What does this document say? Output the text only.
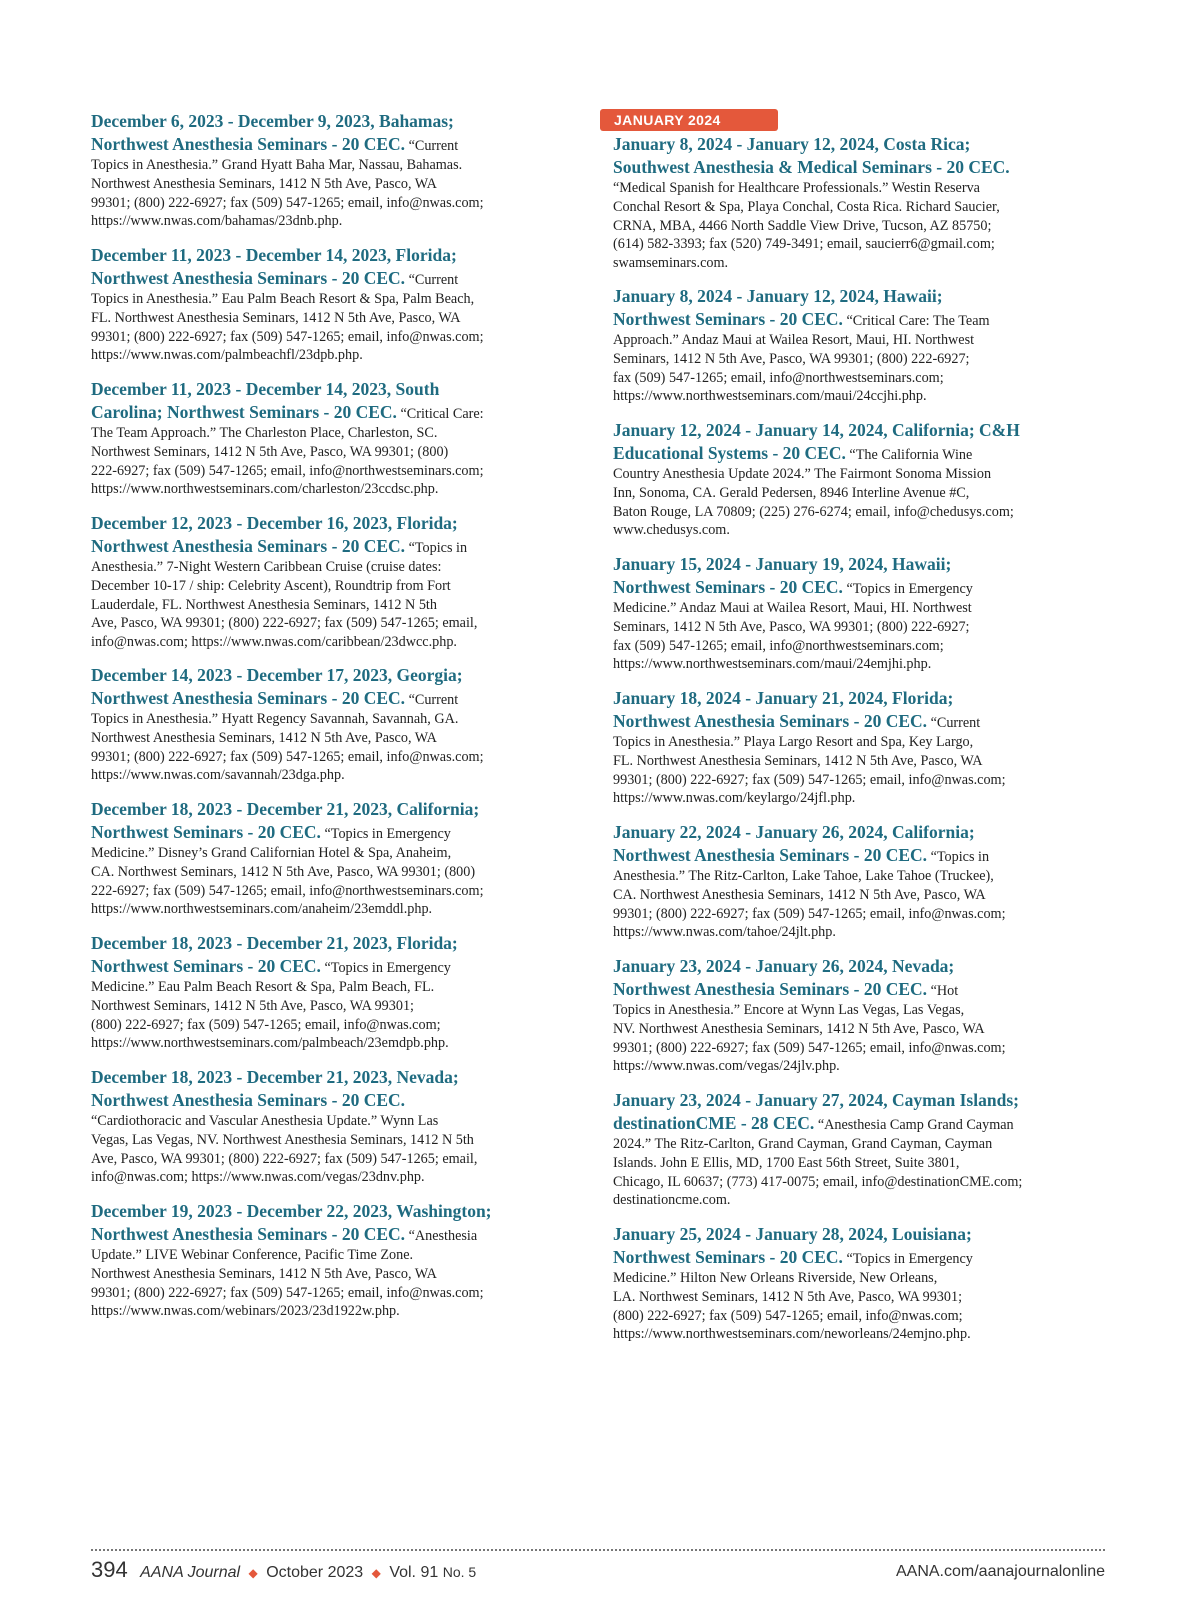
December 6, 2023 - December 9, 2023, Bahamas;
Northwest Anesthesia Seminars - 20 CEC. “Current
Topics in Anesthesia.” Grand Hyatt Baha Mar, Nassau, Bahamas.
Northwest Anesthesia Seminars, 1412 N 5th Ave, Pasco, WA
99301; (800) 222-6927; fax (509) 547-1265; email, info@nwas.com;
https://www.nwas.com/bahamas/23dnb.php.
December 11, 2023 - December 14, 2023, Florida;
Northwest Anesthesia Seminars - 20 CEC. “Current
Topics in Anesthesia.” Eau Palm Beach Resort & Spa, Palm Beach,
FL. Northwest Anesthesia Seminars, 1412 N 5th Ave, Pasco, WA
99301; (800) 222-6927; fax (509) 547-1265; email, info@nwas.com;
https://www.nwas.com/palmbeachfl/23dpb.php.
December 11, 2023 - December 14, 2023, South
Carolina; Northwest Seminars - 20 CEC. “Critical Care:
The Team Approach.” The Charleston Place, Charleston, SC.
Northwest Seminars, 1412 N 5th Ave, Pasco, WA 99301; (800)
222-6927; fax (509) 547-1265; email, info@northwestseminars.com;
https://www.northwestseminars.com/charleston/23ccdsc.php.
December 12, 2023 - December 16, 2023, Florida;
Northwest Anesthesia Seminars - 20 CEC. “Topics in
Anesthesia.” 7-Night Western Caribbean Cruise (cruise dates:
December 10-17 / ship: Celebrity Ascent), Roundtrip from Fort
Lauderdale, FL. Northwest Anesthesia Seminars, 1412 N 5th
Ave, Pasco, WA 99301; (800) 222-6927; fax (509) 547-1265; email,
info@nwas.com; https://www.nwas.com/caribbean/23dwcc.php.
December 14, 2023 - December 17, 2023, Georgia;
Northwest Anesthesia Seminars - 20 CEC. “Current
Topics in Anesthesia.” Hyatt Regency Savannah, Savannah, GA.
Northwest Anesthesia Seminars, 1412 N 5th Ave, Pasco, WA
99301; (800) 222-6927; fax (509) 547-1265; email, info@nwas.com;
https://www.nwas.com/savannah/23dga.php.
December 18, 2023 - December 21, 2023, California;
Northwest Seminars - 20 CEC. “Topics in Emergency
Medicine.” Disney’s Grand Californian Hotel & Spa, Anaheim,
CA. Northwest Seminars, 1412 N 5th Ave, Pasco, WA 99301; (800)
222-6927; fax (509) 547-1265; email, info@northwestseminars.com;
https://www.northwestseminars.com/anaheim/23emddl.php.
December 18, 2023 - December 21, 2023, Florida;
Northwest Seminars - 20 CEC. “Topics in Emergency
Medicine.” Eau Palm Beach Resort & Spa, Palm Beach, FL.
Northwest Seminars, 1412 N 5th Ave, Pasco, WA 99301;
(800) 222-6927; fax (509) 547-1265; email, info@nwas.com;
https://www.northwestseminars.com/palmbeach/23emdpb.php.
December 18, 2023 - December 21, 2023, Nevada;
Northwest Anesthesia Seminars - 20 CEC.
“Cardiothoracic and Vascular Anesthesia Update.” Wynn Las
Vegas, Las Vegas, NV. Northwest Anesthesia Seminars, 1412 N 5th
Ave, Pasco, WA 99301; (800) 222-6927; fax (509) 547-1265; email,
info@nwas.com; https://www.nwas.com/vegas/23dnv.php.
December 19, 2023 - December 22, 2023, Washington;
Northwest Anesthesia Seminars - 20 CEC. “Anesthesia
Update.” LIVE Webinar Conference, Pacific Time Zone.
Northwest Anesthesia Seminars, 1412 N 5th Ave, Pasco, WA
99301; (800) 222-6927; fax (509) 547-1265; email, info@nwas.com;
https://www.nwas.com/webinars/2023/23d1922w.php.
January 8, 2024 - January 12, 2024, Costa Rica;
Southwest Anesthesia & Medical Seminars - 20 CEC.
“Medical Spanish for Healthcare Professionals.” Westin Reserva
Conchal Resort & Spa, Playa Conchal, Costa Rica. Richard Saucier,
CRNA, MBA, 4466 North Saddle View Drive, Tucson, AZ 85750;
(614) 582-3393; fax (520) 749-3491; email, saucierr6@gmail.com;
swamseminars.com.
January 8, 2024 - January 12, 2024, Hawaii;
Northwest Seminars - 20 CEC. “Critical Care: The Team
Approach.” Andaz Maui at Wailea Resort, Maui, HI. Northwest
Seminars, 1412 N 5th Ave, Pasco, WA 99301; (800) 222-6927;
fax (509) 547-1265; email, info@northwestseminars.com;
https://www.northwestseminars.com/maui/24ccjhi.php.
January 12, 2024 - January 14, 2024, California; C&H
Educational Systems - 20 CEC. “The California Wine
Country Anesthesia Update 2024.” The Fairmont Sonoma Mission
Inn, Sonoma, CA. Gerald Pedersen, 8946 Interline Avenue #C,
Baton Rouge, LA 70809; (225) 276-6274; email, info@chedusys.com;
www.chedusys.com.
January 15, 2024 - January 19, 2024, Hawaii;
Northwest Seminars - 20 CEC. “Topics in Emergency
Medicine.” Andaz Maui at Wailea Resort, Maui, HI. Northwest
Seminars, 1412 N 5th Ave, Pasco, WA 99301; (800) 222-6927;
fax (509) 547-1265; email, info@northwestseminars.com;
https://www.northwestseminars.com/maui/24emjhi.php.
January 18, 2024 - January 21, 2024, Florida;
Northwest Anesthesia Seminars - 20 CEC. “Current
Topics in Anesthesia.” Playa Largo Resort and Spa, Key Largo,
FL. Northwest Anesthesia Seminars, 1412 N 5th Ave, Pasco, WA
99301; (800) 222-6927; fax (509) 547-1265; email, info@nwas.com;
https://www.nwas.com/keylargo/24jfl.php.
January 22, 2024 - January 26, 2024, California;
Northwest Anesthesia Seminars - 20 CEC. “Topics in
Anesthesia.” The Ritz-Carlton, Lake Tahoe, Lake Tahoe (Truckee),
CA. Northwest Anesthesia Seminars, 1412 N 5th Ave, Pasco, WA
99301; (800) 222-6927; fax (509) 547-1265; email, info@nwas.com;
https://www.nwas.com/tahoe/24jlt.php.
January 23, 2024 - January 26, 2024, Nevada;
Northwest Anesthesia Seminars - 20 CEC. “Hot
Topics in Anesthesia.” Encore at Wynn Las Vegas, Las Vegas,
NV. Northwest Anesthesia Seminars, 1412 N 5th Ave, Pasco, WA
99301; (800) 222-6927; fax (509) 547-1265; email, info@nwas.com;
https://www.nwas.com/vegas/24jlv.php.
January 23, 2024 - January 27, 2024, Cayman Islands;
destinationCME - 28 CEC. “Anesthesia Camp Grand Cayman
2024.” The Ritz-Carlton, Grand Cayman, Grand Cayman, Cayman
Islands. John E Ellis, MD, 1700 East 56th Street, Suite 3801,
Chicago, IL 60637; (773) 417-0075; email, info@destinationCME.com;
destinationcme.com.
January 25, 2024 - January 28, 2024, Louisiana;
Northwest Seminars - 20 CEC. “Topics in Emergency
Medicine.” Hilton New Orleans Riverside, New Orleans,
LA. Northwest Seminars, 1412 N 5th Ave, Pasco, WA 99301;
(800) 222-6927; fax (509) 547-1265; email, info@nwas.com;
https://www.northwestseminars.com/neworleans/24emjno.php.
JANUARY 2024
394 AANA Journal ◆ October 2023 ◆ Vol. 91 No. 5	AANA.com/aanajournalonline
